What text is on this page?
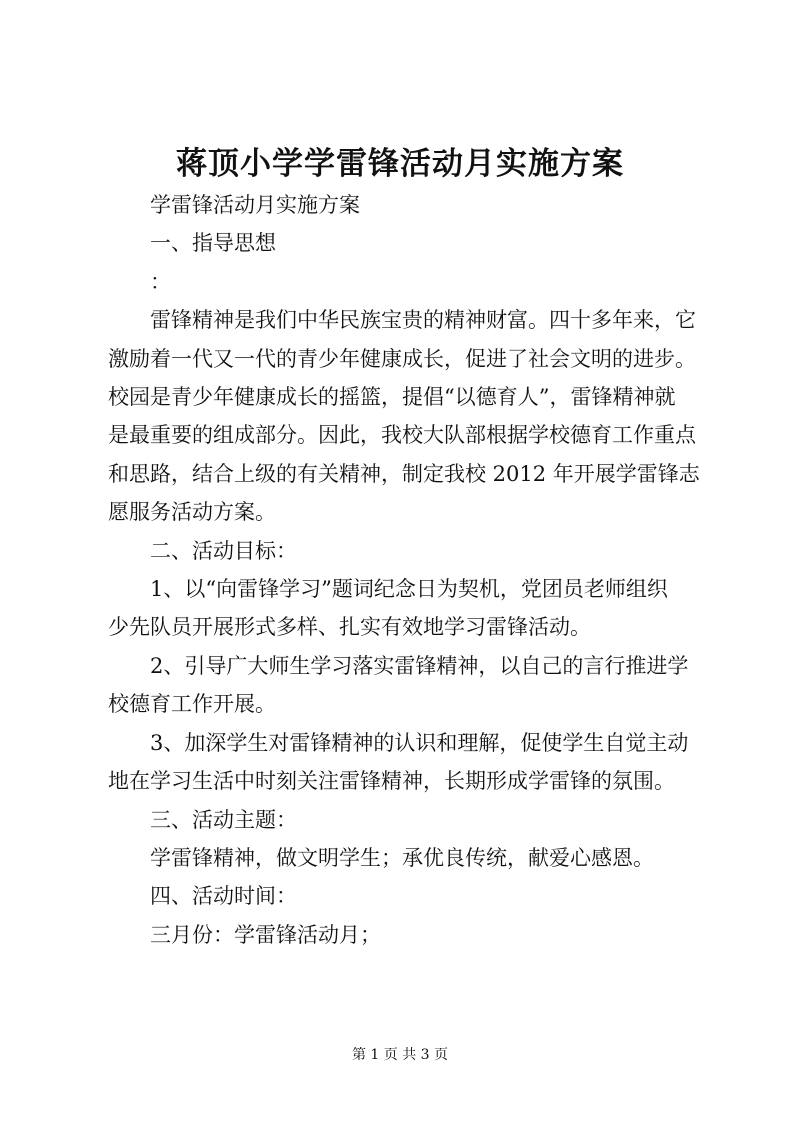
蒋顶小学学雷锋活动月实施方案

学雷锋活动月实施方案

一、指导思想

：

雷锋精神是我们中华民族宝贵的精神财富。四十多年来，它

激励着一代又一代的青少年健康成长，促进了社会文明的进步。

校园是青少年健康成长的摇篮，提倡“以德育人”，雷锋精神就

是最重要的组成部分。因此，我校大队部根据学校德育工作重点

和思路，结合上级的有关精神，制定我校 2012 年开展学雷锋志

愿服务活动方案。

二、活动目标：

1、以“向雷锋学习”题词纪念日为契机，党团员老师组织

少先队员开展形式多样、扎实有效地学习雷锋活动。

2、引导广大师生学习落实雷锋精神，以自己的言行推进学

校德育工作开展。

3、加深学生对雷锋精神的认识和理解，促使学生自觉主动

地在学习生活中时刻关注雷锋精神，长期形成学雷锋的氛围。

三、活动主题：

学雷锋精神，做文明学生；承优良传统，献爱心感恩。

四、活动时间：

三月份：学雷锋活动月；

第 1 页 共 3 页
